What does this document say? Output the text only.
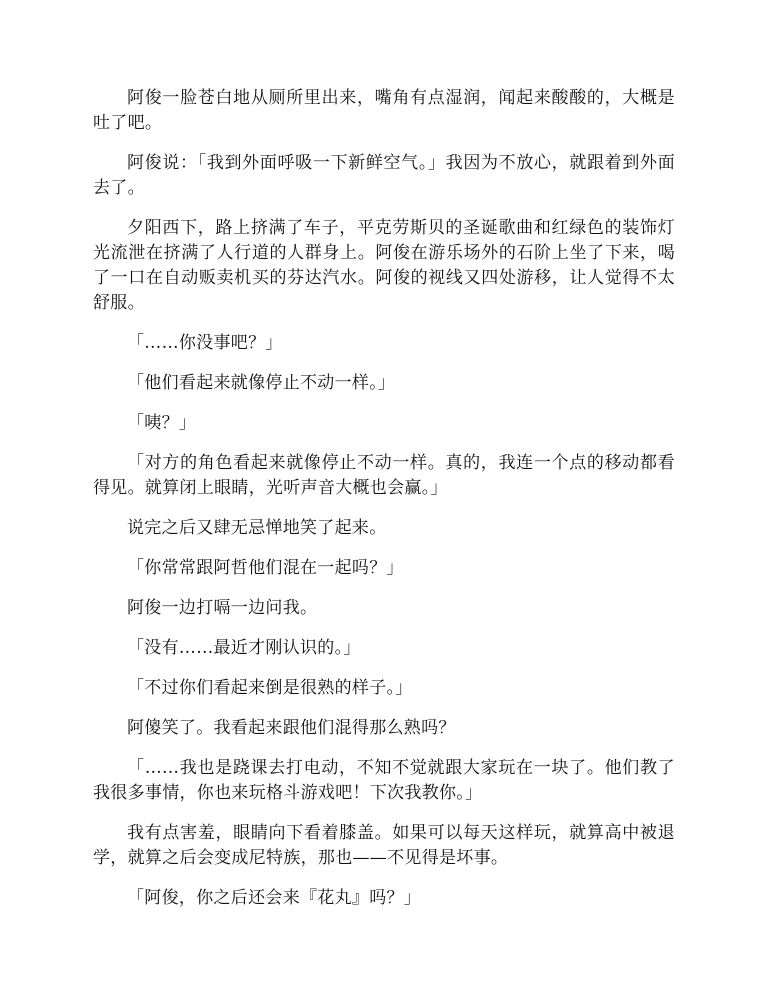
阿俊一脸苍白地从厕所里出来，嘴角有点湿润，闻起来酸酸的，大概是吐了吧。

阿俊说：「我到外面呼吸一下新鲜空气。」我因为不放心，就跟着到外面去了。

夕阳西下，路上挤满了车子，平克劳斯贝的圣诞歌曲和红绿色的装饰灯光流泄在挤满了人行道的人群身上。阿俊在游乐场外的石阶上坐了下来，喝了一口在自动贩卖机买的芬达汽水。阿俊的视线又四处游移，让人觉得不太舒服。

「……你没事吧？」

「他们看起来就像停止不动一样。」

「咦？」

「对方的角色看起来就像停止不动一样。真的，我连一个点的移动都看得见。就算闭上眼睛，光听声音大概也会赢。」

说完之后又肆无忌惮地笑了起来。

「你常常跟阿哲他们混在一起吗？」

阿俊一边打嗝一边问我。

「没有……最近才刚认识的。」

「不过你们看起来倒是很熟的样子。」

阿傻笑了。我看起来跟他们混得那么熟吗？

「……我也是跷课去打电动，不知不觉就跟大家玩在一块了。他们教了我很多事情，你也来玩格斗游戏吧！下次我教你。」

我有点害羞，眼睛向下看着膝盖。如果可以每天这样玩，就算高中被退学，就算之后会变成尼特族，那也——不见得是坏事。

「阿俊，你之后还会来『花丸』吗？」
